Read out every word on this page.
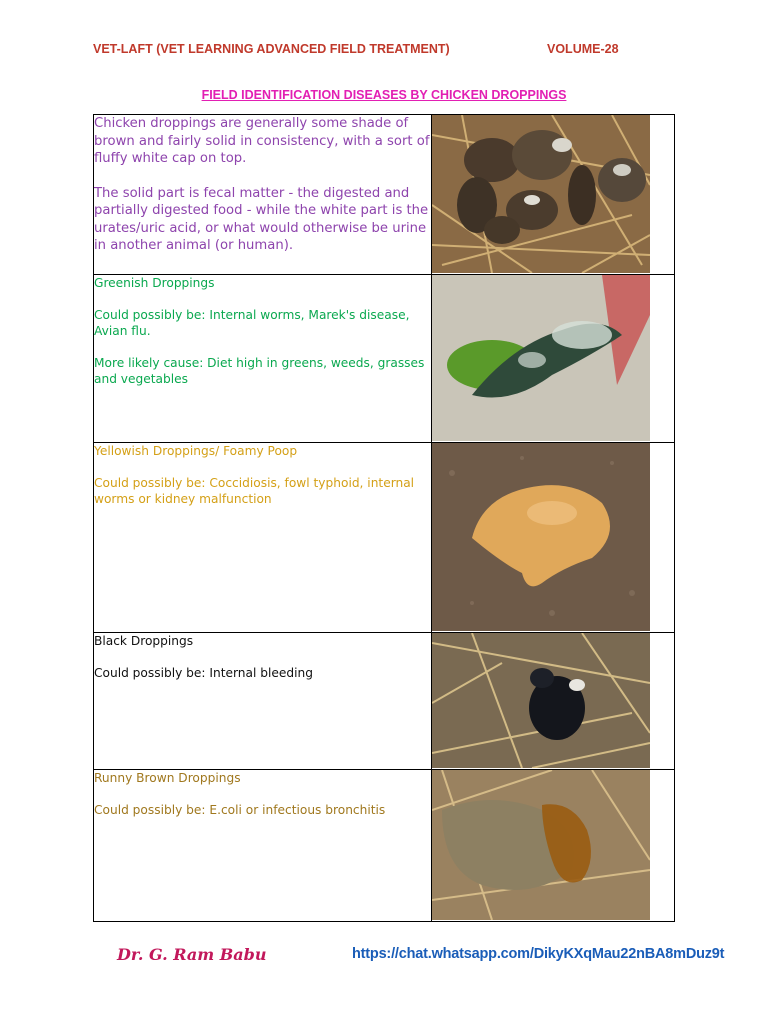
VET-LAFT (VET LEARNING ADVANCED FIELD TREATMENT)	VOLUME-28
FIELD IDENTIFICATION DISEASES BY CHICKEN DROPPINGS

Chicken droppings are generally some shade of brown and fairly solid in consistency, with a sort of fluffy white cap on top.

The solid part is fecal matter - the digested and partially digested food - while the white part is the urates/uric acid, or what would otherwise be urine in another animal (or human).

Greenish Droppings

Could possibly be: Internal worms, Marek's disease, Avian flu.

More likely cause: Diet high in greens, weeds, grasses and vegetables

Yellowish Droppings/ Foamy Poop

Could possibly be: Coccidiosis, fowl typhoid, internal worms or kidney malfunction

Black Droppings

Could possibly be: Internal bleeding

Runny Brown Droppings

Could possibly be: E.coli or infectious bronchitis

Dr. G. Ram Babu	https://chat.whatsapp.com/DikyKXqMau22nBA8mDuz9t
